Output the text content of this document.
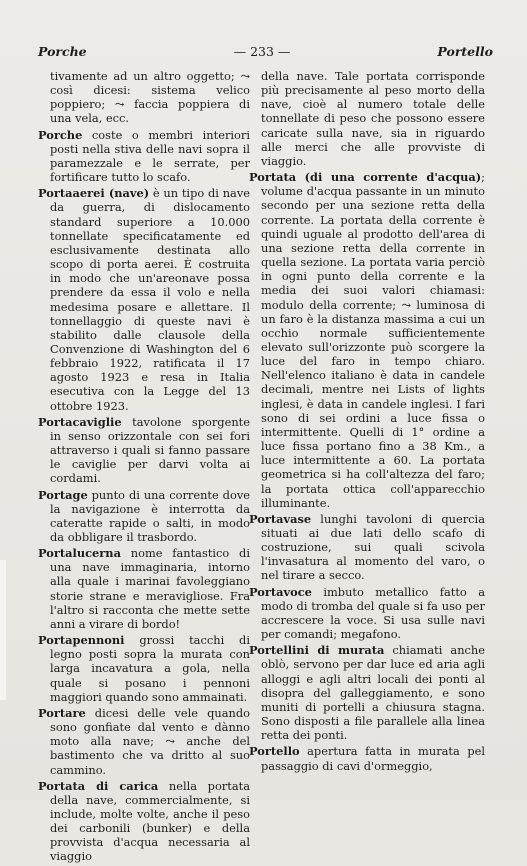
Porche	— 233 —	Portello

tivamente ad un altro oggetto; ⤳ così dicesi: sistema velico poppiero; ⤳ faccia poppiera di una vela, ecc.

Porche coste o membri interiori posti nella stiva delle navi sopra il paramezzale e le serrate, per fortificare tutto lo scafo.

Portaaerei (nave) è un tipo di nave da guerra, di dislocamento standard superiore a 10.000 tonnellate specificatamente ed esclusivamente destinata allo scopo di porta aerei. È costruita in modo che un'areonave possa prendere da essa il volo e nella medesima posare e allettare. Il tonnellaggio di queste navi è stabilito dalle clausole della Convenzione di Washington del 6 febbraio 1922, ratificata il 17 agosto 1923 e resa in Italia esecutiva con la Legge del 13 ottobre 1923.

Portacaviglie tavolone sporgente in senso orizzontale con sei fori attraverso i quali si fanno passare le caviglie per darvi volta ai cordami.

Portage punto di una corrente dove la navigazione è interrotta da cateratte rapide o salti, in modo da obbligare il trasbordo.

Portalucerna nome fantastico di una nave immaginaria, intorno alla quale i marinai favoleggiano storie strane e meravigliose. Fra l'altro si racconta che mette sette anni a virare di bordo!

Portapennoni grossi tacchi di legno posti sopra la murata con larga incavatura a gola, nella quale si posano i pennoni maggiori quando sono ammainati.

Portare dicesi delle vele quando sono gonfiate dal vento e dànno moto alla nave; ⤳ anche del bastimento che va dritto al suo cammino.

Portata di carica nella portata della nave, commercialmente, si include, molte volte, anche il peso dei carbonili (bunker) e della provvista d'acqua necessaria al viaggio

della nave. Tale portata corrisponde più precisamente al peso morto della nave, cioè al numero totale delle tonnellate di peso che possono essere caricate sulla nave, sia in riguardo alle merci che alle provviste di viaggio.

Portata (di una corrente d'acqua); volume d'acqua passante in un minuto secondo per una sezione retta della corrente. La portata della corrente è quindi uguale al prodotto dell'area di una sezione retta della corrente in quella sezione. La portata varia perciò in ogni punto della corrente e la media dei suoi valori chiamasi: modulo della corrente; ⤳ luminosa di un faro è la distanza massima a cui un occhio normale sufficientemente elevato sull'orizzonte può scorgere la luce del faro in tempo chiaro. Nell'elenco italiano è data in candele decimali, mentre nei Lists of lights inglesi, è data in candele inglesi. I fari sono di sei ordini a luce fissa o intermittente. Quelli di 1° ordine a luce fissa portano fino a 38 Km., a luce intermittente a 60. La portata geometrica si ha coll'altezza del faro; la portata ottica coll'apparecchio illuminante.

Portavase lunghi tavoloni di quercia situati ai due lati dello scafo di costruzione, sui quali scivola l'invasatura al momento del varo, o nel tirare a secco.

Portavoce imbuto metallico fatto a modo di tromba del quale si fa uso per accrescere la voce. Si usa sulle navi per comandi; megafono.

Portellini di murata chiamati anche oblò, servono per dar luce ed aria agli alloggi e agli altri locali dei ponti al disopra del galleggiamento, e sono muniti di portelli a chiusura stagna. Sono disposti a file parallele alla linea retta dei ponti.

Portello apertura fatta in murata pel passaggio di cavi d'ormeggio,
